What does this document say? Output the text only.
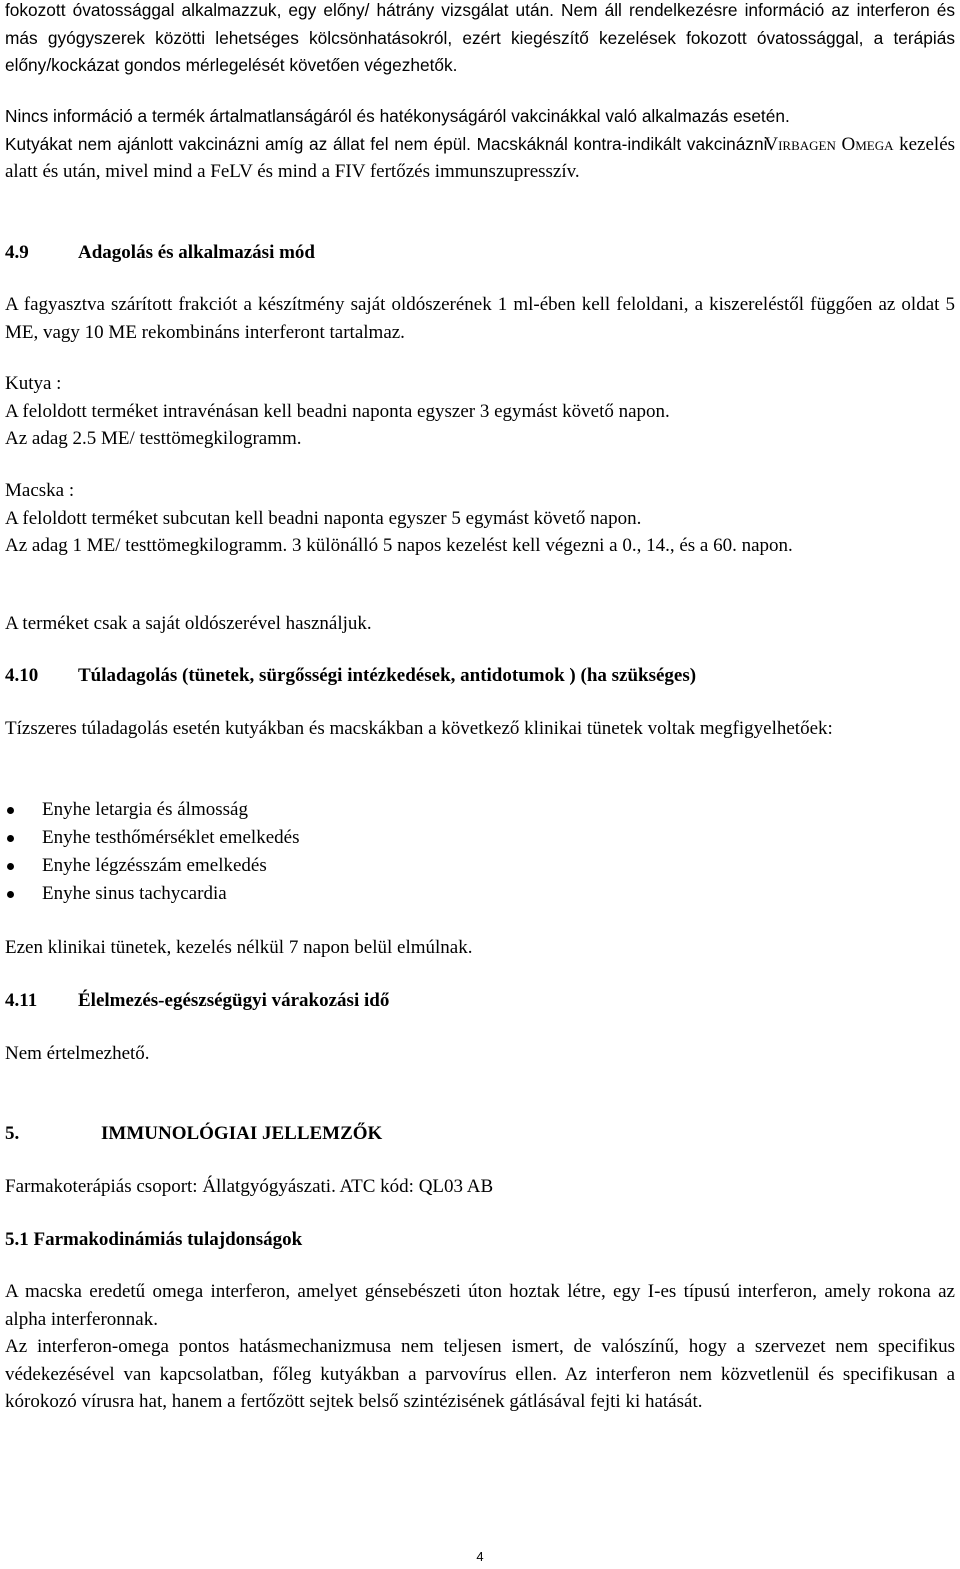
fokozott óvatossággal alkalmazzuk, egy előny/ hátrány vizsgálat után. Nem áll rendelkezésre információ az interferon és más gyógyszerek közötti lehetséges kölcsönhatásokról, ezért kiegészítő kezelések fokozott óvatossággal, a terápiás előny/kockázat gondos mérlegelését követően végezhetők.

Nincs információ a termék ártalmatlanságáról és hatékonyságáról vakcinákkal való alkalmazás esetén.

Kutyákat nem ajánlott vakcinázni amíg az állat fel nem épül. Macskáknál kontra-indikált vakcinázni Virbagen Omega kezelés alatt és után, mivel mind a FeLV és mind a FIV fertőzés immunszupresszív.

4.9	Adagolás és alkalmazási mód

A fagyasztva szárított frakciót a készítmény saját oldószerének 1 ml-ében kell feloldani, a kiszereléstől függően az oldat 5 ME, vagy 10 ME rekombináns interferont tartalmaz.

Kutya :

A feloldott terméket intravénásan kell beadni naponta egyszer 3 egymást követő napon.

Az adag 2.5 ME/ testtömegkilogramm.

Macska :

A feloldott terméket subcutan kell beadni naponta egyszer 5 egymást követő napon.

Az adag 1 ME/ testtömegkilogramm. 3 különálló 5 napos kezelést kell végezni a 0., 14., és a 60. napon.

A terméket csak a saját oldószerével használjuk.

4.10	Túladagolás (tünetek, sürgősségi intézkedések, antidotumok ) (ha szükséges)

Tízszeres túladagolás esetén kutyákban és macskákban a következő klinikai tünetek voltak megfigyelhetőek:

Enyhe letargia és álmosság
Enyhe testhőmérséklet emelkedés
Enyhe légzésszám emelkedés
Enyhe sinus tachycardia

Ezen klinikai tünetek, kezelés nélkül 7 napon belül elmúlnak.

4.11	Élelmezés-egészségügyi várakozási idő

Nem értelmezhető.

5.	IMMUNOLÓGIAI JELLEMZŐK

Farmakoterápiás csoport: Állatgyógyászati. ATC kód: QL03 AB

5.1 Farmakodinámiás tulajdonságok

A macska eredetű omega interferon, amelyet génsebészeti úton hoztak létre, egy I-es típusú interferon, amely rokona az alpha interferonnak.

Az interferon-omega pontos hatásmechanizmusa nem teljesen ismert, de valószínű, hogy a szervezet nem specifikus védekezésével van kapcsolatban, főleg kutyákban a parvovírus ellen. Az interferon nem közvetlenül és specifikusan a kórokozó vírusra hat, hanem a fertőzött sejtek belső szintézisének gátlásával fejti ki hatását.

4
